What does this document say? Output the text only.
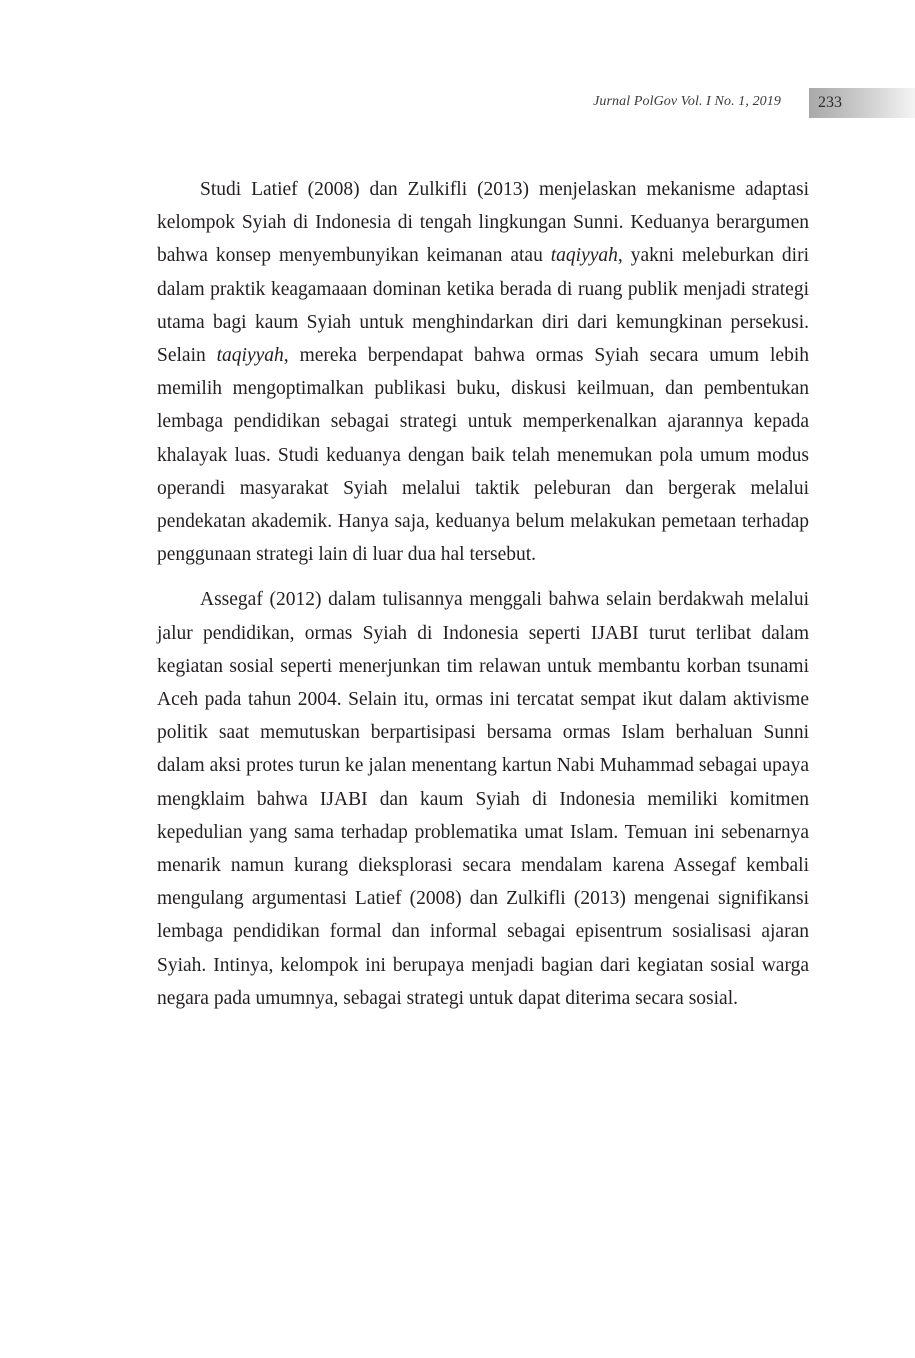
Jurnal PolGov Vol. I No. 1, 2019 233

Studi Latief (2008) dan Zulkifli (2013) menjelaskan mekanisme adaptasi kelompok Syiah di Indonesia di tengah lingkungan Sunni. Keduanya berargumen bahwa konsep menyembunyikan keimanan atau taqiyyah, yakni meleburkan diri dalam praktik keagamaaan dominan ketika berada di ruang publik menjadi strategi utama bagi kaum Syiah untuk menghindarkan diri dari kemungkinan persekusi. Selain taqiyyah, mereka berpendapat bahwa ormas Syiah secara umum lebih memilih mengoptimalkan publikasi buku, diskusi keilmuan, dan pembentukan lembaga pendidikan sebagai strategi untuk memperkenalkan ajarannya kepada khalayak luas. Studi keduanya dengan baik telah menemukan pola umum modus operandi masyarakat Syiah melalui taktik peleburan dan bergerak melalui pendekatan akademik. Hanya saja, keduanya belum melakukan pemetaan terhadap penggunaan strategi lain di luar dua hal tersebut.

Assegaf (2012) dalam tulisannya menggali bahwa selain berdakwah melalui jalur pendidikan, ormas Syiah di Indonesia seperti IJABI turut terlibat dalam kegiatan sosial seperti menerjunkan tim relawan untuk membantu korban tsunami Aceh pada tahun 2004. Selain itu, ormas ini tercatat sempat ikut dalam aktivisme politik saat memutuskan berpartisipasi bersama ormas Islam berhaluan Sunni dalam aksi protes turun ke jalan menentang kartun Nabi Muhammad sebagai upaya mengklaim bahwa IJABI dan kaum Syiah di Indonesia memiliki komitmen kepedulian yang sama terhadap problematika umat Islam. Temuan ini sebenarnya menarik namun kurang dieksplorasi secara mendalam karena Assegaf kembali mengulang argumentasi Latief (2008) dan Zulkifli (2013) mengenai signifikansi lembaga pendidikan formal dan informal sebagai episentrum sosialisasi ajaran Syiah. Intinya, kelompok ini berupaya menjadi bagian dari kegiatan sosial warga negara pada umumnya, sebagai strategi untuk dapat diterima secara sosial.
